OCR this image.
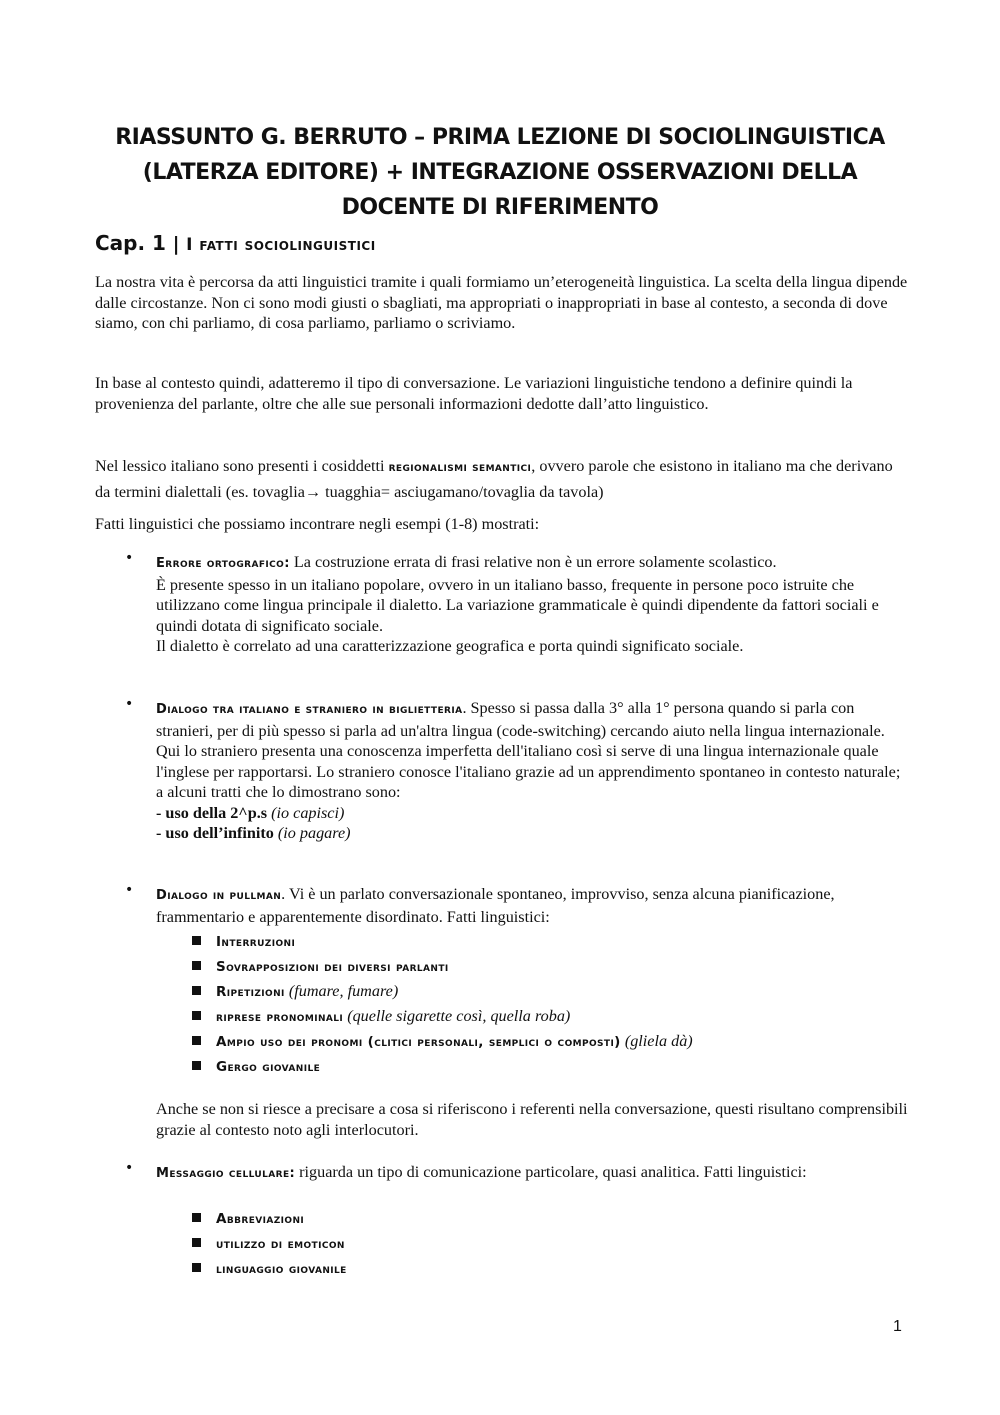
RIASSUNTO G. BERRUTO – PRIMA LEZIONE DI SOCIOLINGUISTICA (LATERZA EDITORE) + INTEGRAZIONE OSSERVAZIONI DELLA DOCENTE DI RIFERIMENTO
Cap. 1 | I fatti sociolinguistici

La nostra vita è percorsa da atti linguistici tramite i quali formiamo un’eterogeneità linguistica. La scelta della lingua dipende dalle circostanze. Non ci sono modi giusti o sbagliati, ma appropriati o inappropriati in base al contesto, a seconda di dove siamo, con chi parliamo, di cosa parliamo, parliamo o scriviamo.

In base al contesto quindi, adatteremo il tipo di conversazione. Le variazioni linguistiche tendono a definire quindi la provenienza del parlante, oltre che alle sue personali informazioni dedotte dall’atto linguistico.

Nel lessico italiano sono presenti i cosiddetti regionalismi semantici, ovvero parole che esistono in italiano ma che derivano da termini dialettali (es. tovaglia→ tuagghia= asciugamano/tovaglia da tavola)

Fatti linguistici che possiamo incontrare negli esempi (1-8) mostrati:

• Errore ortografico: La costruzione errata di frasi relative non è un errore solamente scolastico.
È presente spesso in un italiano popolare, ovvero in un italiano basso, frequente in persone poco istruite che utilizzano come lingua principale il dialetto. La variazione grammaticale è quindi dipendente da fattori sociali e quindi dotata di significato sociale.
Il dialetto è correlato ad una caratterizzazione geografica e porta quindi significato sociale.
• Dialogo tra italiano e straniero in biglietteria. Spesso si passa dalla 3° alla 1° persona quando si parla con stranieri, per di più spesso si parla ad un'altra lingua (code-switching) cercando aiuto nella lingua internazionale. Qui lo straniero presenta una conoscenza imperfetta dell'italiano così si serve di una lingua internazionale quale l'inglese per rapportarsi. Lo straniero conosce l'italiano grazie ad un apprendimento spontaneo in contesto naturale; a alcuni tratti che lo dimostrano sono:
- uso della 2^p.s (io capisci)
- uso dell’infinito (io pagare)
• Dialogo in pullman. Vi è un parlato conversazionale spontaneo, improvviso, senza alcuna pianificazione, frammentario e apparentemente disordinato. Fatti linguistici:
Interruzioni
Sovrapposizioni dei diversi parlanti
Ripetizioni (fumare, fumare)
riprese pronominali (quelle sigarette così, quella roba)
Ampio uso dei pronomi (clitici personali, semplici o composti) (gliela dà)
Gergo giovanile

Anche se non si riesce a precisare a cosa si riferiscono i referenti nella conversazione, questi risultano comprensibili grazie al contesto noto agli interlocutori.

• Messaggio cellulare: riguarda un tipo di comunicazione particolare, quasi analitica. Fatti linguistici:
Abbreviazioni
utilizzo di emoticon
linguaggio giovanile
1
